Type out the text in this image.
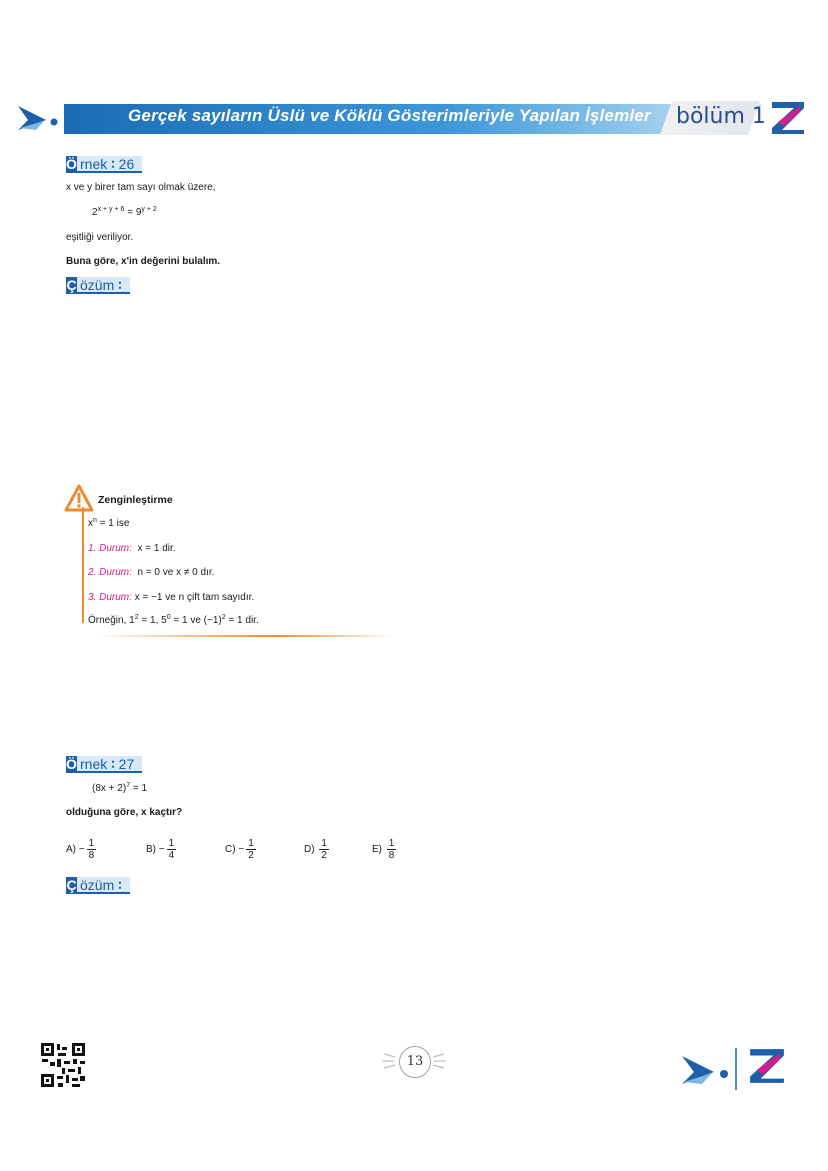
Gerçek sayıların Üslü ve Köklü Gösterimleriyle Yapılan İşlemler bölüm 1
Ö rnek ∶ 26
x ve y birer tam sayı olmak üzere,
$2^{x + y + 6} = 9^{y + 2}$
eşitliği veriliyor.
Buna göre, x'in değerini bulalım.
Ç özüm ∶
Zenginleştirme
$x^n = 1$ ise
1. Durum: x = 1 dir.
2. Durum: n = 0 ve x ≠ 0 dır.
3. Durum: x = −1 ve n çift tam sayıdır.
Örneğin, $1^2 = 1$, $5^0 = 1$ ve $(-1)^2 = 1$ dir.
Ö rnek ∶ 27
$(8x + 2)^7 = 1$
olduğuna göre, x kaçtır?
A)
− $\frac{1}{8}$	B)
− $\frac{1}{4}$	C)
− $\frac{1}{2}$	D)
$\frac{1}{2}$	E)
$\frac{1}{8}$
Ç özüm ∶
13
